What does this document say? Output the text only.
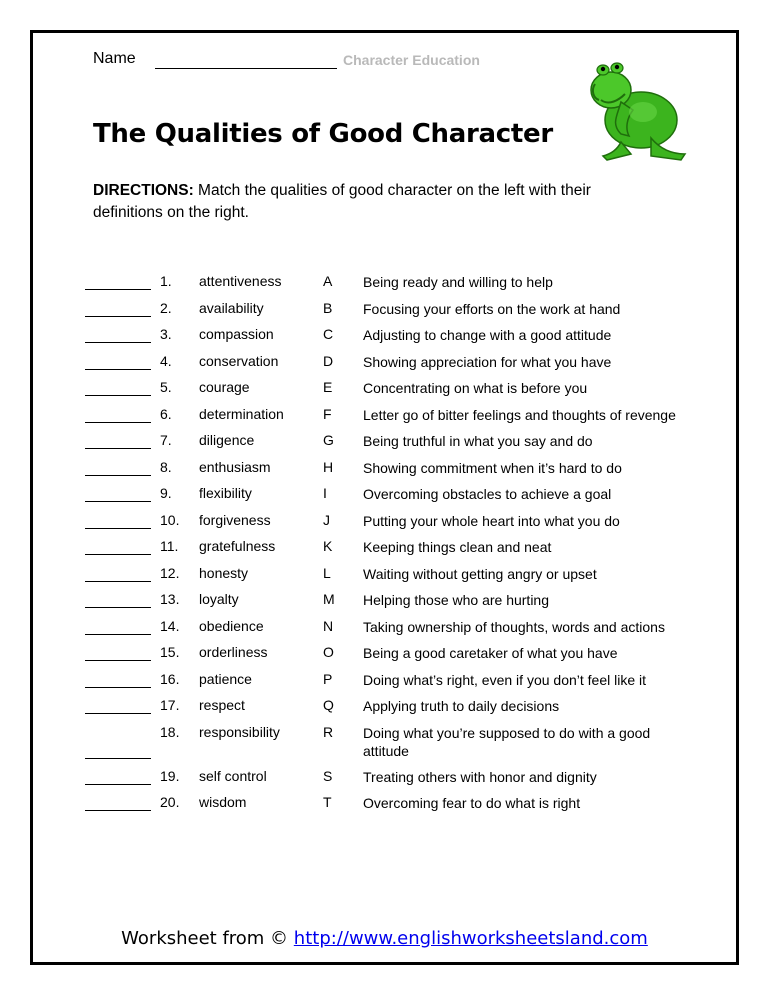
Name	Character Education
The Qualities of Good Character
DIRECTIONS: Match the qualities of good character on the left with their definitions on the right.
1. attentiveness	A Being ready and willing to help
2. availability	B Focusing your efforts on the work at hand
3. compassion	C Adjusting to change with a good attitude
4. conservation	D Showing appreciation for what you have
5. courage	E Concentrating on what is before you
6. determination	F Letter go of bitter feelings and thoughts of revenge
7. diligence	G Being truthful in what you say and do
8. enthusiasm	H Showing commitment when it’s hard to do
9. flexibility	I	Overcoming obstacles to achieve a goal
10. forgiveness	J Putting your whole heart into what you do
11. gratefulness	K Keeping things clean and neat
12. honesty	L Waiting without getting angry or upset
13. loyalty	M Helping those who are hurting
14. obedience	N Taking ownership of thoughts, words and actions
15. orderliness	O Being a good caretaker of what you have
16. patience	P Doing what’s right, even if you don’t feel like it
17. respect	Q Applying truth to daily decisions
18. responsibility	R Doing what you’re supposed to do with a good attitude
19. self control	S Treating others with honor and dignity
20. wisdom	T Overcoming fear to do what is right
Worksheet from © http://www.englishworksheetsland.com
